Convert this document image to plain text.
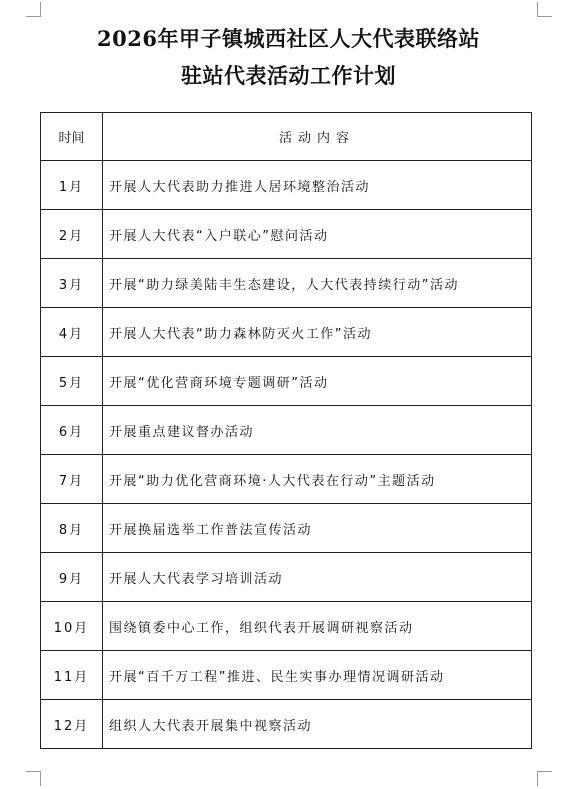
2026年甲子镇城西社区人大代表联络站
驻站代表活动工作计划
时间	活动内容
1月	开展人大代表助力推进人居环境整治活动
2月	开展人大代表“入户联心”慰问活动
3月	开展“助力绿美陆丰生态建设，人大代表持续行动”活动
4月	开展人大代表“助力森林防灭火工作”活动
5月	开展“优化营商环境专题调研”活动
6月	开展重点建议督办活动
7月	开展“助力优化营商环境·人大代表在行动”主题活动
8月	开展换届选举工作普法宣传活动
9月	开展人大代表学习培训活动
10月	围绕镇委中心工作，组织代表开展调研视察活动
11月	开展“百千万工程”推进、民生实事办理情况调研活动
12月	组织人大代表开展集中视察活动
